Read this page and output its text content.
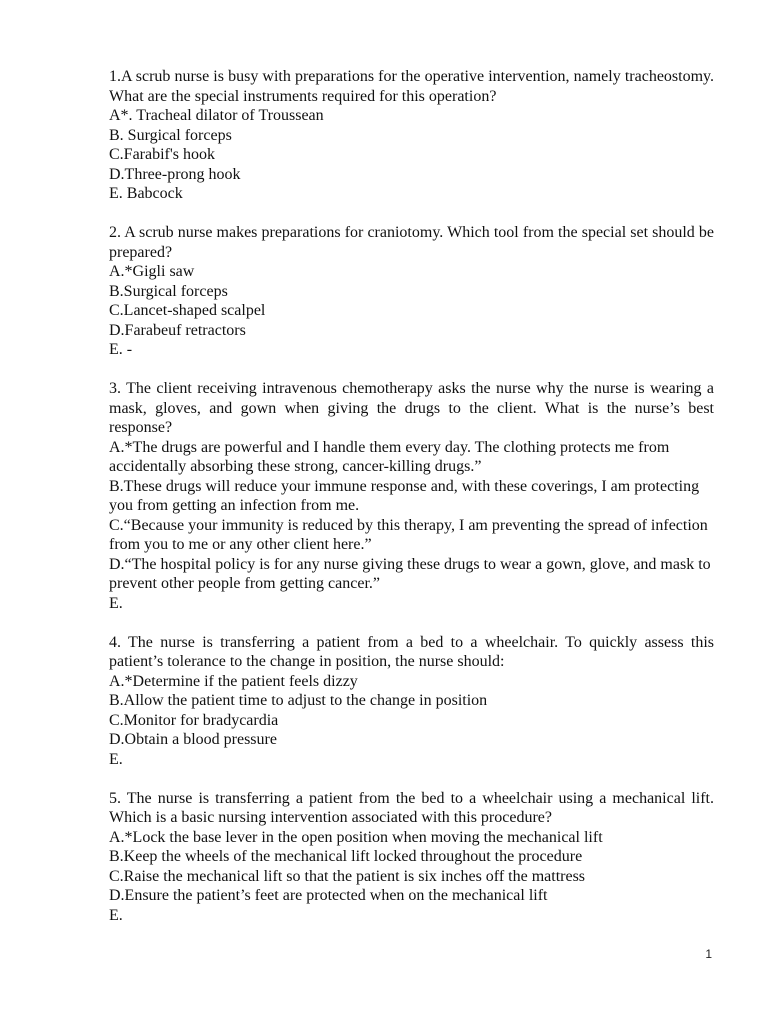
1.A scrub nurse is busy with preparations for the operative intervention, namely tracheostomy. What are the special instruments required for this operation?

A*. Tracheal dilator of Troussean

B. Surgical forceps

C.Farabif's hook

D.Three-prong hook

E. Babcock

2. A scrub nurse makes preparations for craniotomy. Which tool from the special set should be prepared?

A.*Gigli saw

B.Surgical forceps

C.Lancet-shaped scalpel

D.Farabeuf retractors

E. -

3. The client receiving intravenous chemotherapy asks the nurse why the nurse is wearing a mask, gloves, and gown when giving the drugs to the client. What is the nurse’s best response?

A.*The drugs are powerful and I handle them every day. The clothing protects me from accidentally absorbing these strong, cancer-killing drugs.”

B.These drugs will reduce your immune response and, with these coverings, I am protecting you from getting an infection from me.

C.“Because your immunity is reduced by this therapy, I am preventing the spread of infection from you to me or any other client here.”

D.“The hospital policy is for any nurse giving these drugs to wear a gown, glove, and mask to prevent other people from getting cancer.”

E.

4. The nurse is transferring a patient from a bed to a wheelchair. To quickly assess this patient’s tolerance to the change in position, the nurse should:

A.*Determine if the patient feels dizzy

B.Allow the patient time to adjust to the change in position

C.Monitor for bradycardia

D.Obtain a blood pressure

E.

5. The nurse is transferring a patient from the bed to a wheelchair using a mechanical lift. Which is a basic nursing intervention associated with this procedure?

A.*Lock the base lever in the open position when moving the mechanical lift

B.Keep the wheels of the mechanical lift locked throughout the procedure

C.Raise the mechanical lift so that the patient is six inches off the mattress

D.Ensure the patient’s feet are protected when on the mechanical lift

E.

1
